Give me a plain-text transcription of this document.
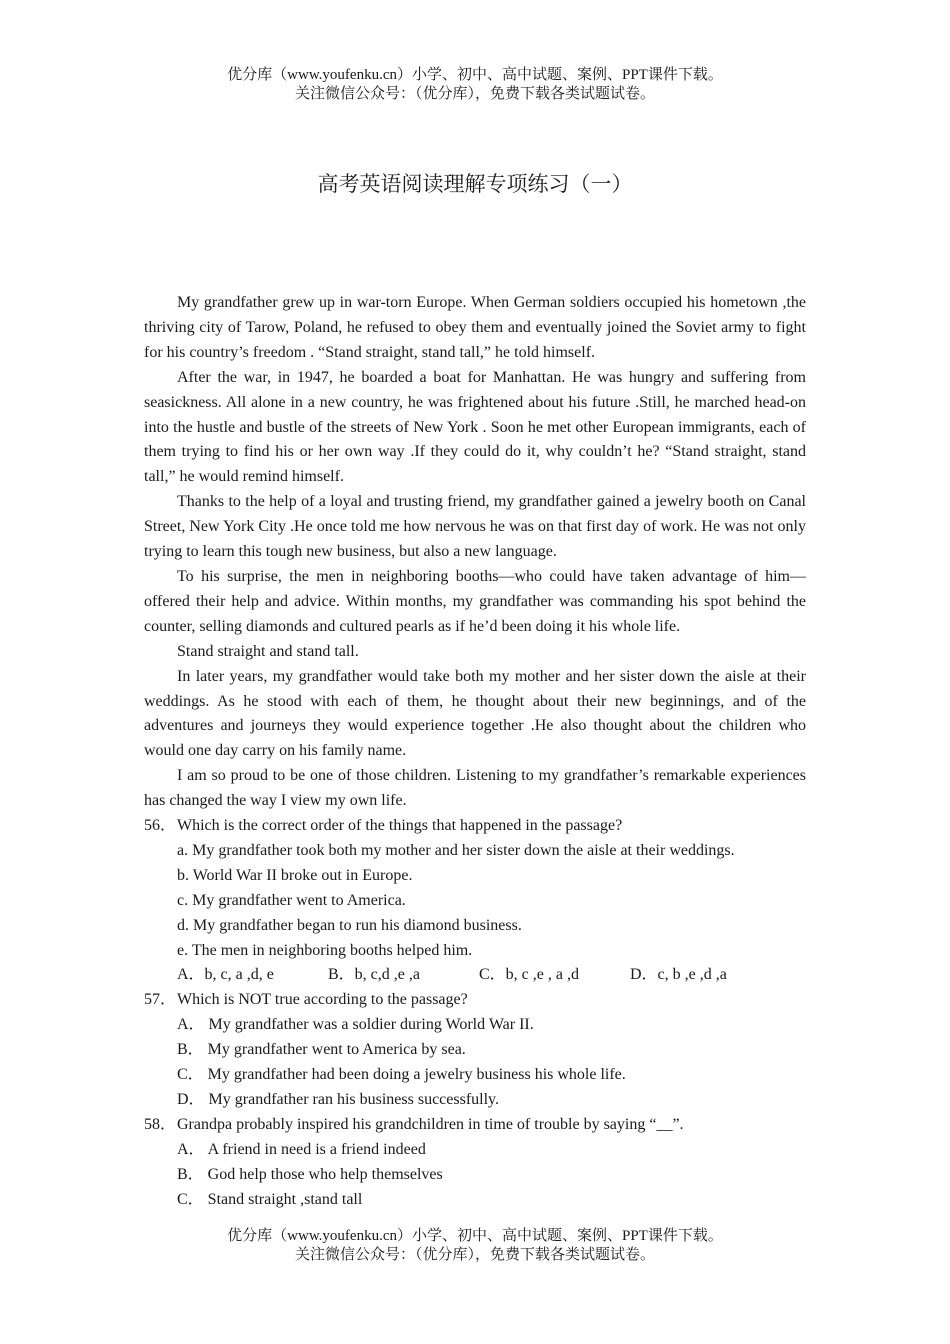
优分库（www.youfenku.cn）小学、初中、高中试题、案例、PPT课件下载。
关注微信公众号：（优分库），免费下载各类试题试卷。
高考英语阅读理解专项练习（一）

My grandfather grew up in war-torn Europe. When German soldiers occupied his hometown ,the thriving city of Tarow, Poland, he refused to obey them and eventually joined the Soviet army to fight for his country’s freedom . “Stand straight, stand tall,” he told himself.

After the war, in 1947, he boarded a boat for Manhattan. He was hungry and suffering from seasickness. All alone in a new country, he was frightened about his future .Still, he marched head-on into the hustle and bustle of the streets of New York . Soon he met other European immigrants, each of them trying to find his or her own way .If they could do it, why couldn’t he? “Stand straight, stand tall,” he would remind himself.

Thanks to the help of a loyal and trusting friend, my grandfather gained a jewelry booth on Canal Street, New York City .He once told me how nervous he was on that first day of work. He was not only trying to learn this tough new business, but also a new language.

To his surprise, the men in neighboring booths—who could have taken advantage of him—offered their help and advice. Within months, my grandfather was commanding his spot behind the counter, selling diamonds and cultured pearls as if he’d been doing it his whole life.

Stand straight and stand tall.

In later years, my grandfather would take both my mother and her sister down the aisle at their weddings. As he stood with each of them, he thought about their new beginnings, and of the adventures and journeys they would experience together .He also thought about the children who would one day carry on his family name.

I am so proud to be one of those children. Listening to my grandfather’s remarkable experiences has changed the way I view my own life.

56． Which is the correct order of the things that happened in the passage?
a. My grandfather took both my mother and her sister down the aisle at their weddings.
b. World War II broke out in Europe.
c. My grandfather went to America.
d. My grandfather began to run his diamond business.
e. The men in neighboring booths helped him.
A．b, c, a ,d, e	B．b, c,d ,e ,a	C．b, c ,e , a ,d	D．c, b ,e ,d ,a
57． Which is NOT true according to the passage?
A． My grandfather was a soldier during World War II.
B． My grandfather went to America by sea.
C． My grandfather had been doing a jewelry business his whole life.
D． My grandfather ran his business successfully.
58． Grandpa probably inspired his grandchildren in time of trouble by saying “__”.
A． A friend in need is a friend indeed
B． God help those who help themselves
C． Stand straight ,stand tall
优分库（www.youfenku.cn）小学、初中、高中试题、案例、PPT课件下载。
关注微信公众号：（优分库），免费下载各类试题试卷。
